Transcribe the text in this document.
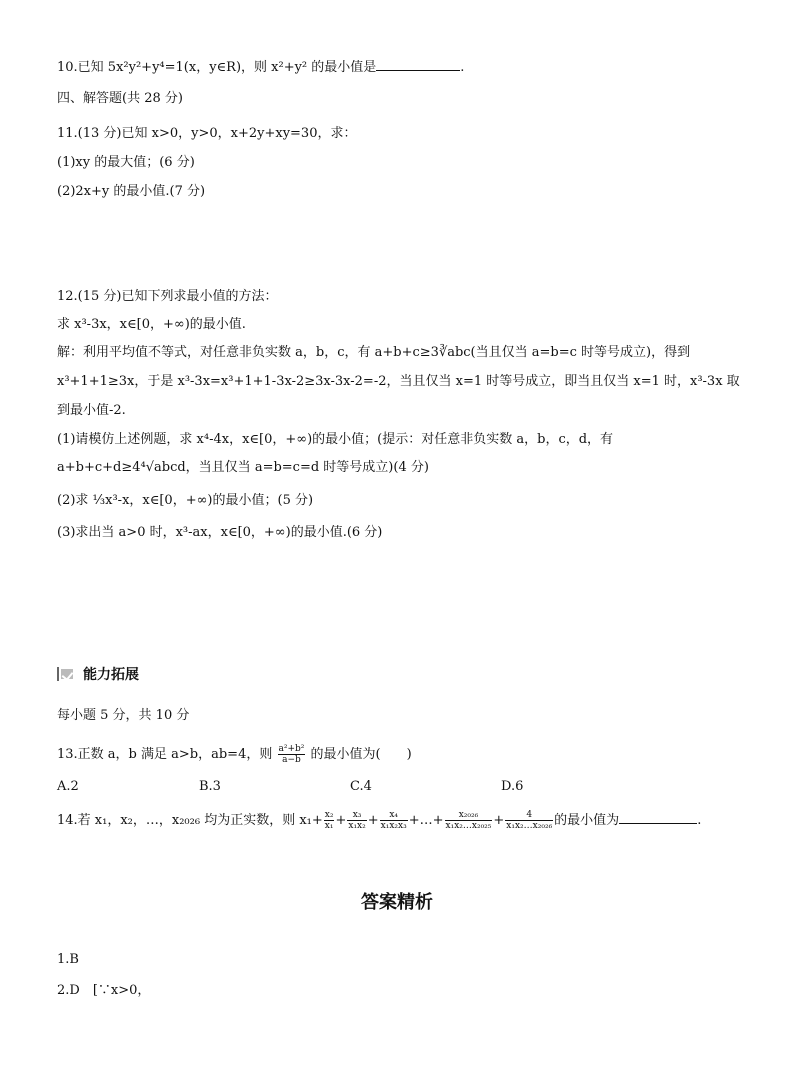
10.已知 5x²y²+y⁴=1(x，y∈R)，则 x²+y² 的最小值是	.
四、解答题(共 28 分)
11.(13 分)已知 x>0，y>0，x+2y+xy=30，求：
(1)xy 的最大值；(6 分)
(2)2x+y 的最小值.(7 分)
12.(15 分)已知下列求最小值的方法：
求 x³-3x，x∈[0，+∞)的最小值.
解：利用平均值不等式，对任意非负实数 a，b，c，有 a+b+c≥3∛abc(当且仅当 a=b=c 时等号成立)，得到
x³+1+1≥3x，于是 x³-3x=x³+1+1-3x-2≥3x-3x-2=-2，当且仅当 x=1 时等号成立，即当且仅当 x=1 时，x³-3x 取
到最小值-2.
(1)请模仿上述例题，求 x⁴-4x，x∈[0，+∞)的最小值；(提示：对任意非负实数 a，b，c，d，有
a+b+c+d≥4⁴√abcd，当且仅当 a=b=c=d 时等号成立)(4 分)
(2)求 ¹⁄₃x³-x，x∈[0，+∞)的最小值；(5 分)
(3)求出当 a>0 时，x³-ax，x∈[0，+∞)的最小值.(6 分)
能力拓展
每小题 5 分，共 10 分
13.正数 a，b 满足 a>b，ab=4，则 $\frac{\text{a²+b²}}{a-b}$ 的最小值为(　　)
A.2	B.3	C.4	D.6
14.若 x₁，x₂，…，x₂₀₂₆ 均为正实数，则 $x_1+ \frac{\text{x₂}}{\text{x₁}} + \frac{\text{x₃}}{\text{x₁x₂}} + \frac{\text{x₄}}{\text{x₁x₂x₃}}$ +…+ $\frac{\text{x₂₀₂₆}}{\text{x₁x₂…x₂₀₂₅}} + \frac{4}{\text{x₁x₂…x₂₀₂₆}}$ 的最小值为	.
答案精析
1.B
2.D　[∵x>0，
